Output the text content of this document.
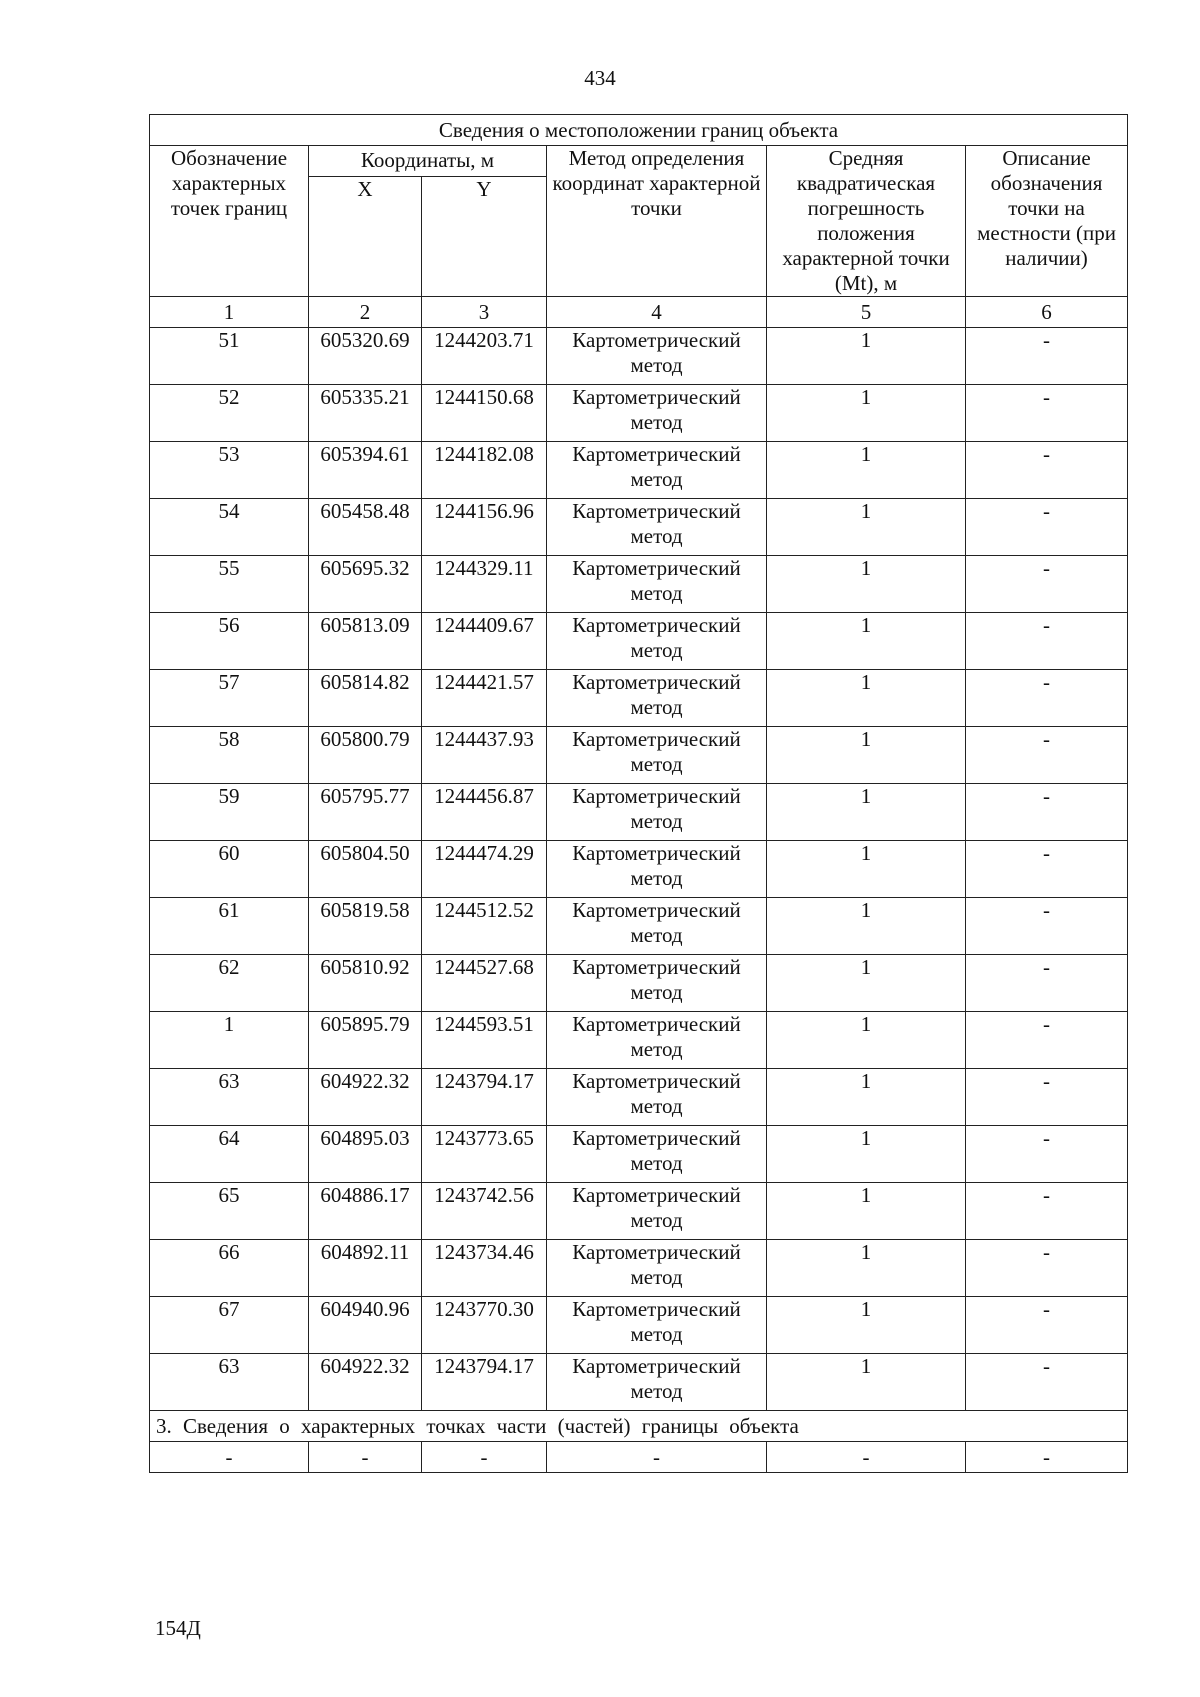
434
Сведения о местоположении границ объекта					
Обозначение характерных точек границ	Координаты, м		Метод определения координат характерной точки	Средняя квадратическая погрешность положения характерной точки (Mt), м	Описание обозначения точки на местности (при наличии)
	X	Y			
1	2	3	4	5	6
51	605320.69	1244203.71	Картометрический метод	1	-
52	605335.21	1244150.68	Картометрический метод	1	-
53	605394.61	1244182.08	Картометрический метод	1	-
54	605458.48	1244156.96	Картометрический метод	1	-
55	605695.32	1244329.11	Картометрический метод	1	-
56	605813.09	1244409.67	Картометрический метод	1	-
57	605814.82	1244421.57	Картометрический метод	1	-
58	605800.79	1244437.93	Картометрический метод	1	-
59	605795.77	1244456.87	Картометрический метод	1	-
60	605804.50	1244474.29	Картометрический метод	1	-
61	605819.58	1244512.52	Картометрический метод	1	-
62	605810.92	1244527.68	Картометрический метод	1	-
1	605895.79	1244593.51	Картометрический метод	1	-
63	604922.32	1243794.17	Картометрический метод	1	-
64	604895.03	1243773.65	Картометрический метод	1	-
65	604886.17	1243742.56	Картометрический метод	1	-
66	604892.11	1243734.46	Картометрический метод	1	-
67	604940.96	1243770.30	Картометрический метод	1	-
63	604922.32	1243794.17	Картометрический метод	1	-
3. Сведения о характерных точках части (частей) границы объекта					
-	-	-	-	-	-
154Д
